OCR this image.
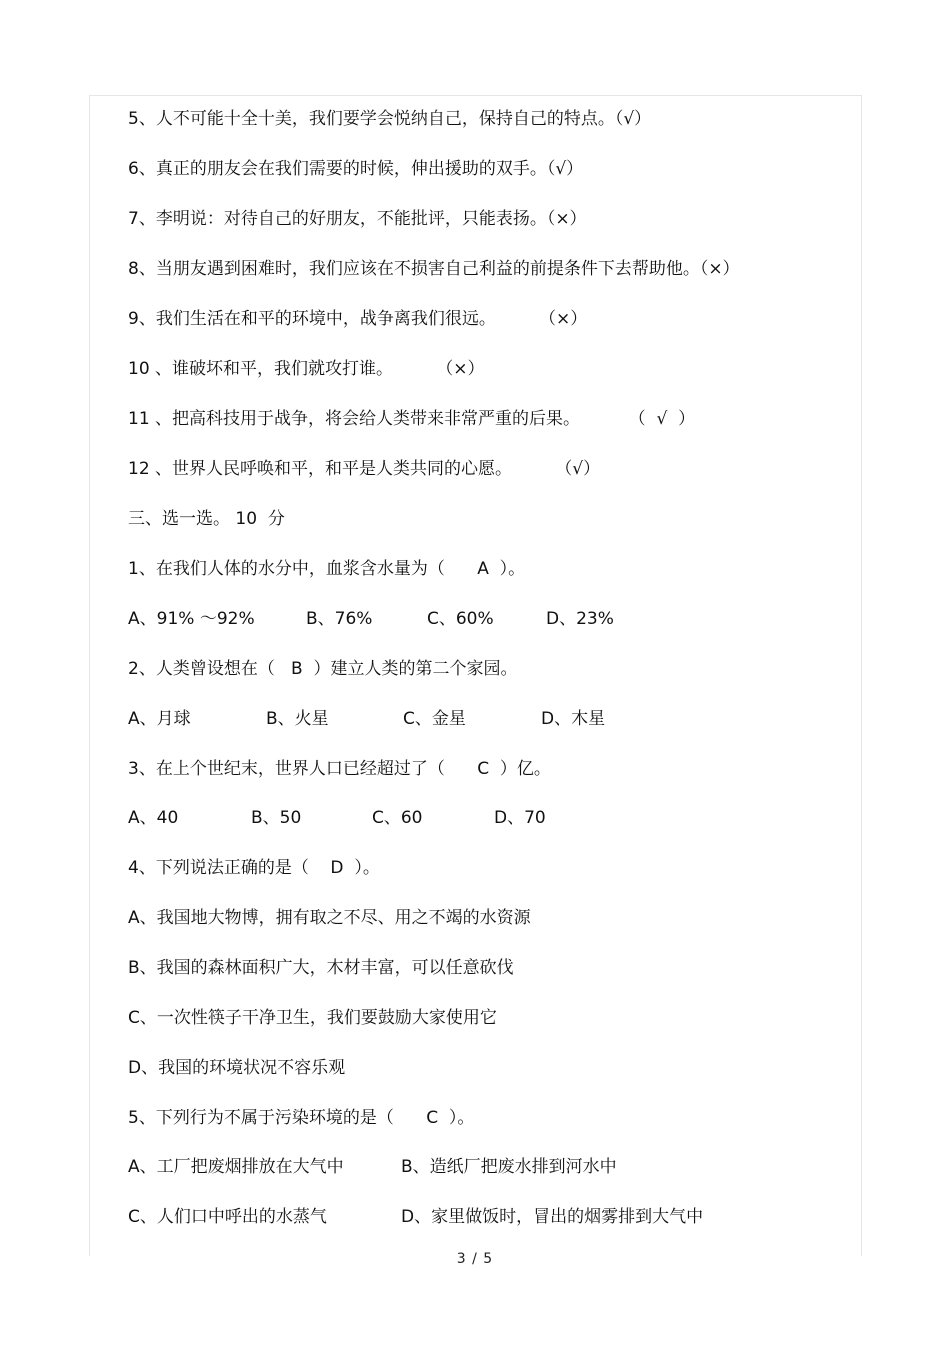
5、人不可能十全十美，我们要学会悦纳自己，保持自己的特点。（√）
6、真正的朋友会在我们需要的时候，伸出援助的双手。（√）
7、李明说：对待自己的好朋友，不能批评，只能表扬。（×）
8、当朋友遇到困难时，我们应该在不损害自己利益的前提条件下去帮助他。（×）
9、我们生活在和平的环境中，战争离我们很远。        （×）
10 、谁破坏和平，我们就攻打谁。        （×）
11 、把高科技用于战争，将会给人类带来非常严重的后果。         （  √  ）
12 、世界人民呼唤和平，和平是人类共同的心愿。        （√）
三、选一选。 10  分
1、在我们人体的水分中，血浆含水量为（      A  ）。
A、91% ～92%	B、76%	C、60%	D、23%
2、人类曾设想在（   B  ）建立人类的第二个家园。
A、月球	B、火星	C、金星	D、木星
3、在上个世纪末，世界人口已经超过了（      C  ）亿。
A、40	B、50	C、60	D、70
4、下列说法正确的是（    D  ）。
A、我国地大物博，拥有取之不尽、用之不竭的水资源
B、我国的森林面积广大，木材丰富，可以任意砍伐
C、一次性筷子干净卫生，我们要鼓励大家使用它
D、我国的环境状况不容乐观
5、下列行为不属于污染环境的是（      C  ）。
A、工厂把废烟排放在大气中	B、造纸厂把废水排到河水中
C、人们口中呼出的水蒸气	D、家里做饭时，冒出的烟雾排到大气中
3 / 5
